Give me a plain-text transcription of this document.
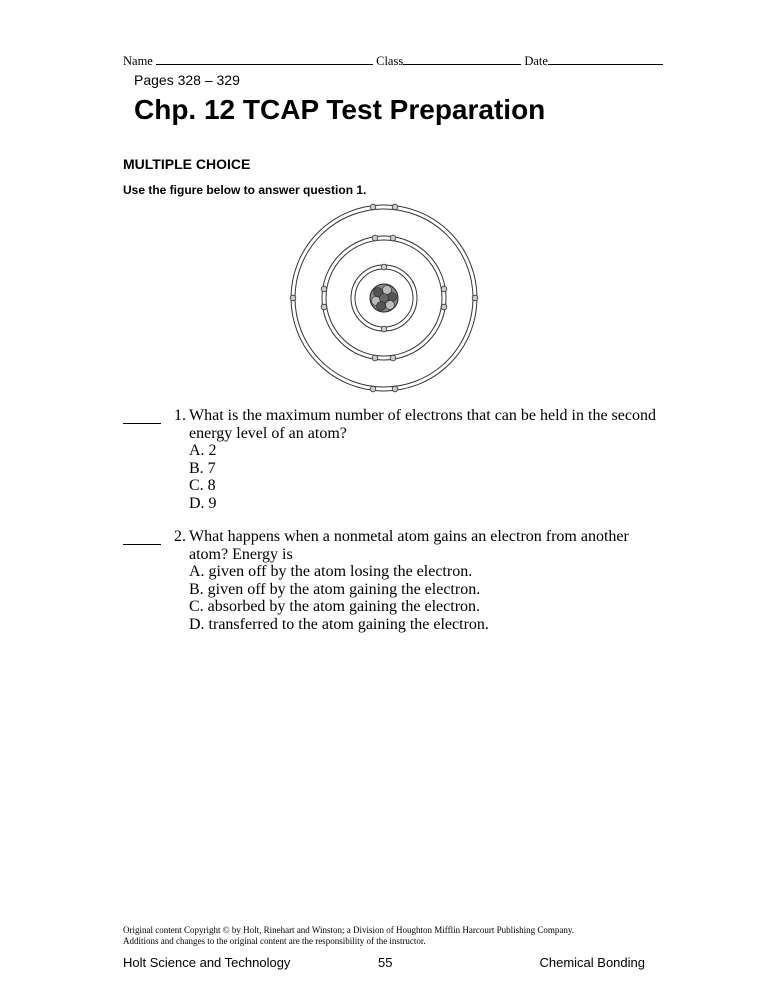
Name	Class	Date
Pages 328 – 329
Chp. 12 TCAP Test Preparation
MULTIPLE CHOICE
Use the figure below to answer question 1.
1. What is the maximum number of electrons that can be held in the second energy level of an atom?
A. 2
B. 7
C. 8
D. 9
2. What happens when a nonmetal atom gains an electron from another atom? Energy is
A. given off by the atom losing the electron.
B. given off by the atom gaining the electron.
C. absorbed by the atom gaining the electron.
D. transferred to the atom gaining the electron.
Original content Copyright © by Holt, Rinehart and Winston; a Division of Houghton Mifflin Harcourt Publishing Company.
Additions and changes to the original content are the responsibility of the instructor.
Holt Science and Technology	55	Chemical Bonding
